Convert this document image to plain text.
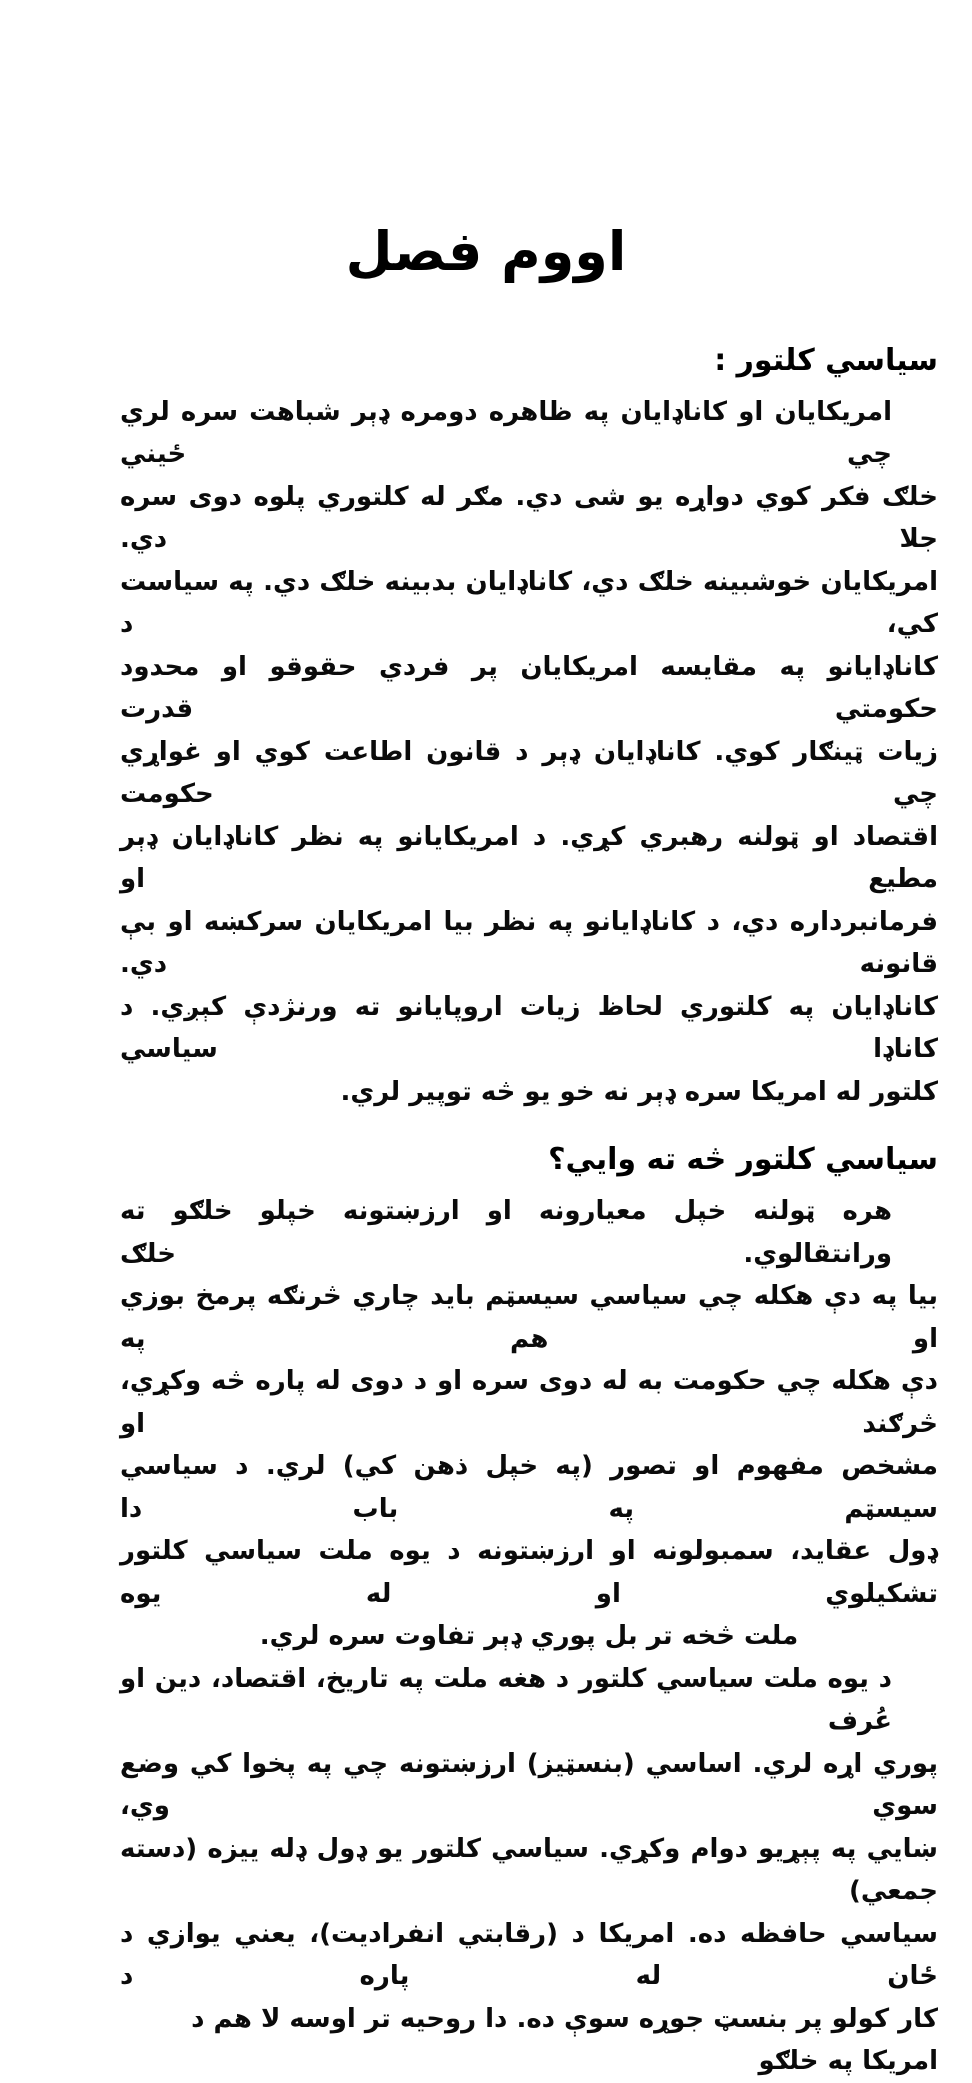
اووم فصل
سياسي كلتور :
امريكايان او كاناډايان په ظاهره دومره ډېر شباهت سره لري چي ځيني
خلګ فكر كوي دواړه يو شى دي. مګر له كلتوري پلوه دوى سره جلا دي.
امريكايان خوشبينه خلګ دي، كاناډايان بدبينه خلګ دي. په سياست كي، د
كاناډايانو په مقايسه امريكايان پر فردي حقوقو او محدود حكومتي قدرت
زيات ټينګار كوي. كاناډايان ډېر د قانون اطاعت كوي او غواړي چي حكومت
اقتصاد او ټولنه رهبري كړي. د امريكايانو په نظر كاناډايان ډېر مطيع او
فرمانبرداره دي، د كاناډايانو په نظر بيا امريكايان سركښه او بې قانونه دي.
كاناډايان په كلتوري لحاظ زيات اروپايانو ته ورنژدې كېږي. د كاناډا سياسي
كلتور له امريكا سره ډېر نه خو يو څه توپير لري.
سياسي كلتور څه ته وايي؟
هره ټولنه خپل معيارونه او ارزښتونه خپلو خلګو ته ورانتقالوي. خلګ
بيا په دې هكله چي سياسي سيسټم بايد چاري څرنګه پرمخ بوزي او هم په
دې هكله چي حكومت به له دوى سره او د دوى له پاره څه وكړي، څرګند او
مشخص مفهوم او تصور (په خپل ذهن كي) لري. د سياسي سيسټم په باب دا
ډول عقايد، سمبولونه او ارزښتونه د يوه ملت سياسي كلتور تشكيلوي او له يوه
ملت څخه تر بل پوري ډېر تفاوت سره لري.
د يوه ملت سياسي كلتور د هغه ملت په تاريخ، اقتصاد، دين او عُرف
پوري اړه لري. اساسي (بنسټيز) ارزښتونه چي په پخوا كي وضع سوي وي،
ښايي په پېړيو دوام وكړي. سياسي كلتور يو ډول ډله ييزه (دسته جمعي)
سياسي حافظه ده. امريكا د (رقابتي انفراديت)، يعني يوازي د ځان له پاره د
كار كولو پر بنسټ جوړه سوې ده. دا روحيه تر اوسه لا هم د امريكا په خلګو
